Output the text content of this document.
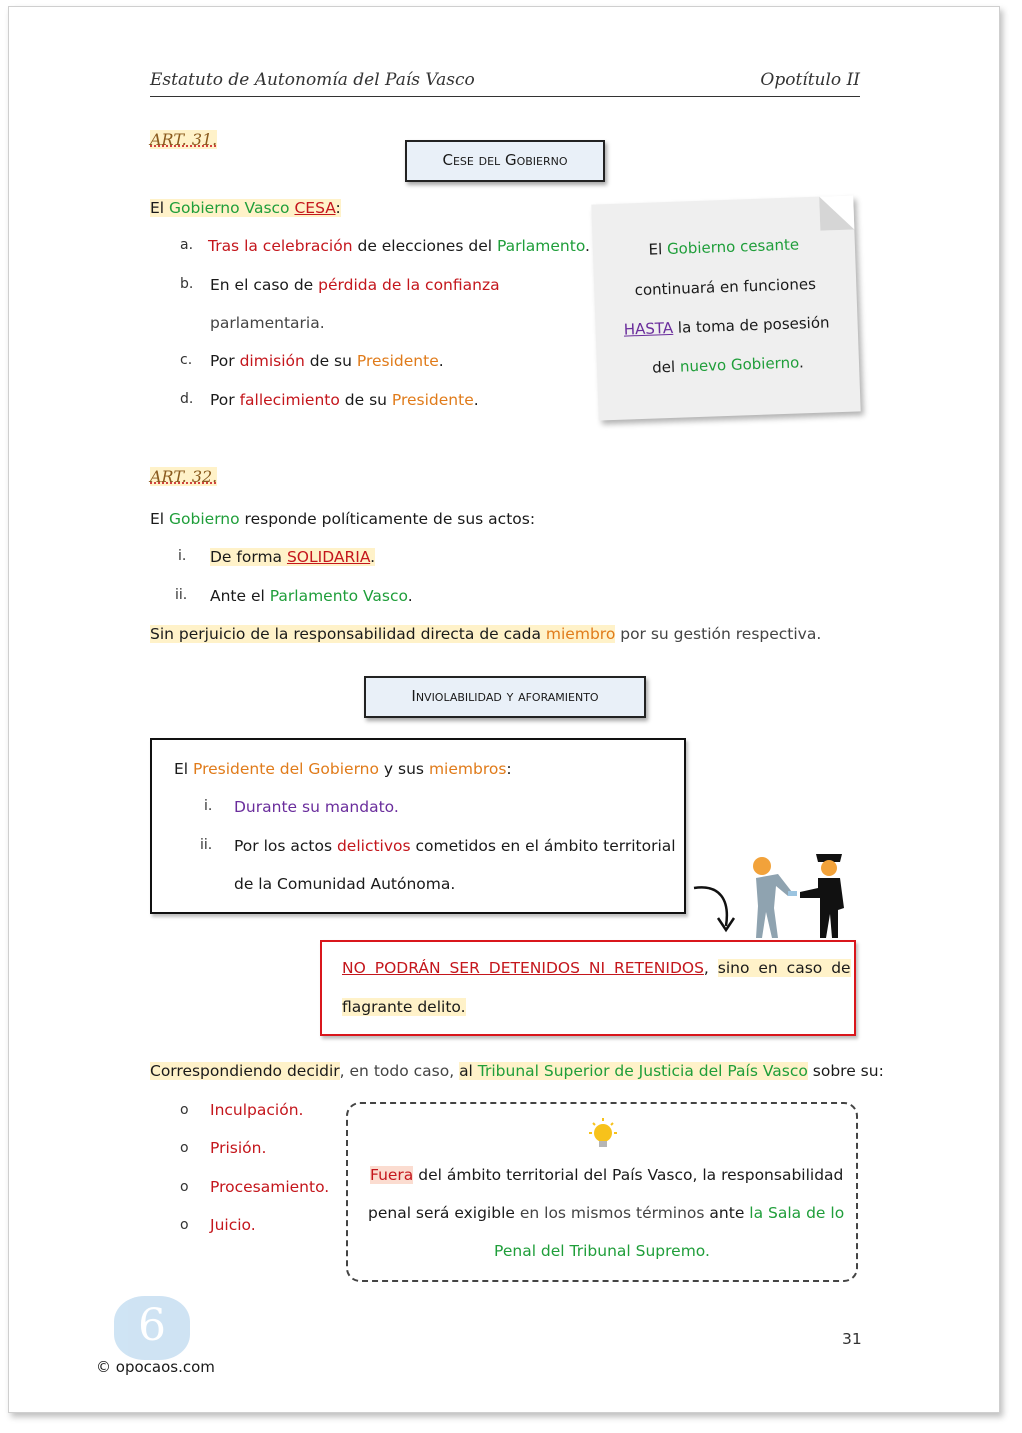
Estatuto de Autonomía del País Vasco	Opotítulo II
ART. 31.
Cese del Gobierno
El Gobierno Vasco CESA:
a. Tras la celebración de elecciones del Parlamento.
b. En el caso de pérdida de la confianza
parlamentaria.
c. Por dimisión de su Presidente.
d. Por fallecimiento de su Presidente.
El Gobierno cesante
continuará en funciones
HASTA la toma de posesión
del nuevo Gobierno.
ART. 32.
El Gobierno responde políticamente de sus actos:
i. De forma SOLIDARIA.
ii. Ante el Parlamento Vasco.
Sin perjuicio de la responsabilidad directa de cada miembro por su gestión respectiva.
Inviolabilidad y aforamiento
El Presidente del Gobierno y sus miembros:
i. Durante su mandato.
ii. Por los actos delictivos cometidos en el ámbito territorial
de la Comunidad Autónoma.
NO PODRÁN SER DETENIDOS NI RETENIDOS, sino en caso de
flagrante delito.
Correspondiendo decidir, en todo caso, al Tribunal Superior de Justicia del País Vasco sobre su:
o Inculpación.
o Prisión.
o Procesamiento.
o Juicio.
Fuera del ámbito territorial del País Vasco, la responsabilidad
penal será exigible en los mismos términos ante la Sala de lo
Penal del Tribunal Supremo.
31
6
© opocaos.com
